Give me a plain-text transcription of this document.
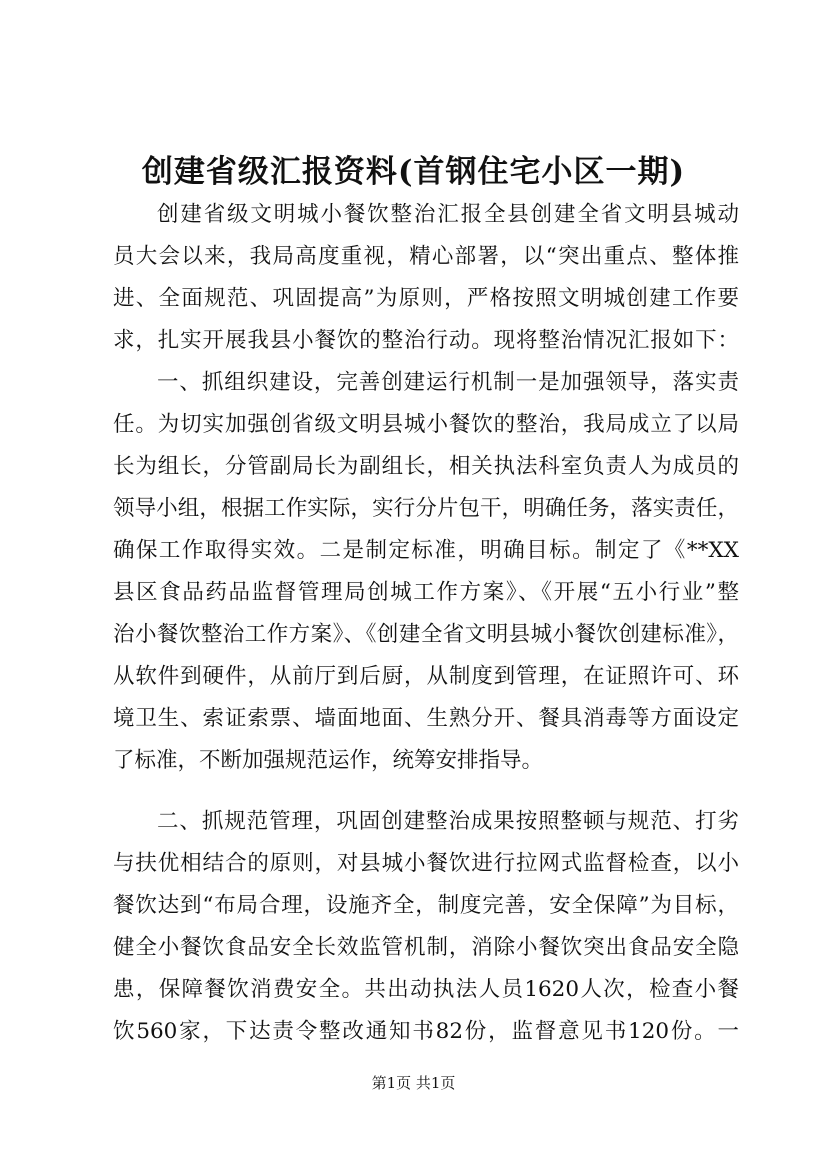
创建省级汇报资料(首钢住宅小区一期)
创建省级文明城小餐饮整治汇报全县创建全省文明县城动
员大会以来，我局高度重视，精心部署，以“突出重点、整体推
进、全面规范、巩固提高”为原则，严格按照文明城创建工作要
求，扎实开展我县小餐饮的整治行动。现将整治情况汇报如下：
一、抓组织建设，完善创建运行机制一是加强领导，落实责
任。为切实加强创省级文明县城小餐饮的整治，我局成立了以局
长为组长，分管副局长为副组长，相关执法科室负责人为成员的
领导小组，根据工作实际，实行分片包干，明确任务，落实责任，
确保工作取得实效。二是制定标准，明确目标。制定了《**XX
县区食品药品监督管理局创城工作方案》、《开展“五小行业”整
治小餐饮整治工作方案》、《创建全省文明县城小餐饮创建标准》，
从软件到硬件，从前厅到后厨，从制度到管理，在证照许可、环
境卫生、索证索票、墙面地面、生熟分开、餐具消毒等方面设定
了标准，不断加强规范运作，统筹安排指导。
二、抓规范管理，巩固创建整治成果按照整顿与规范、打劣
与扶优相结合的原则，对县城小餐饮进行拉网式监督检查，以小
餐饮达到“布局合理，设施齐全，制度完善，安全保障”为目标，
健全小餐饮食品安全长效监管机制，消除小餐饮突出食品安全隐
患，保障餐饮消费安全。共出动执法人员1620人次，检查小餐
饮560家，下达责令整改通知书82份，监督意见书120份。一
第1页 共1页
